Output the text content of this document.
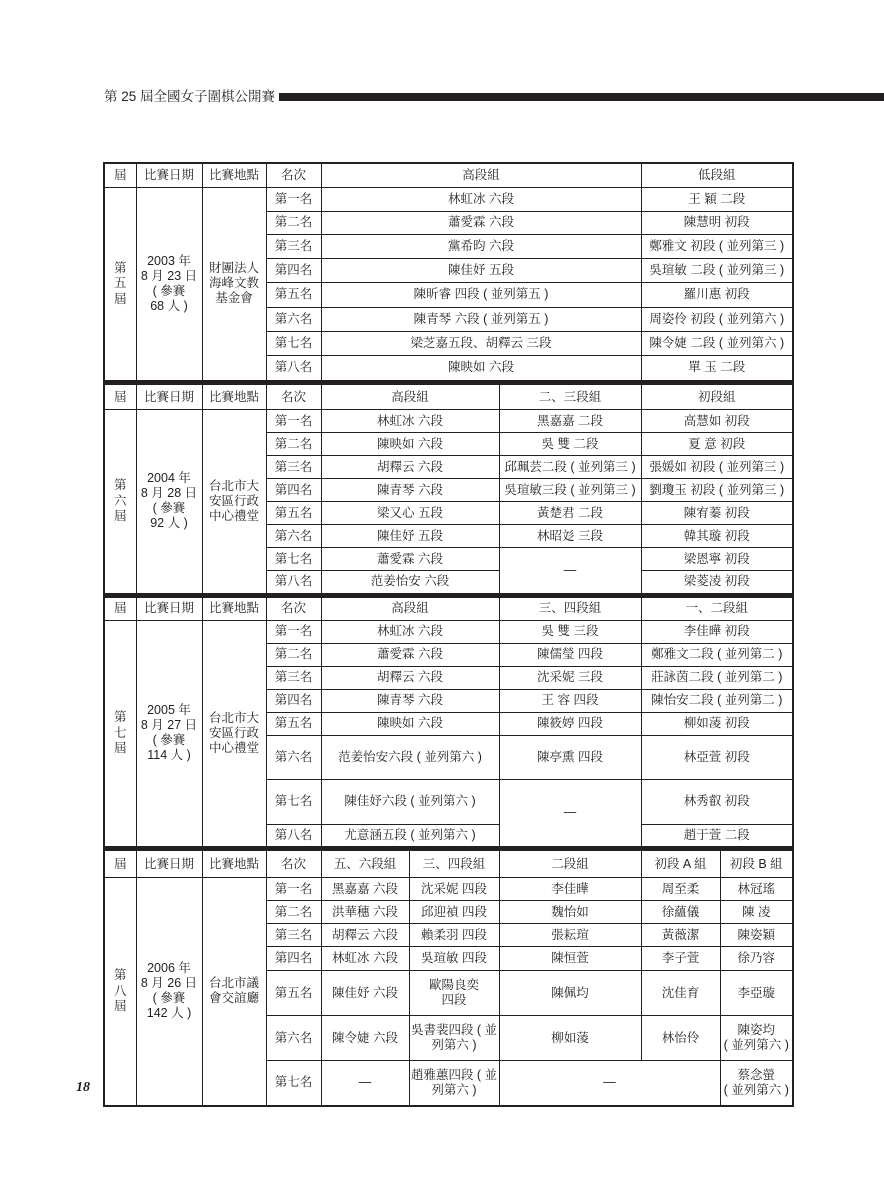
第 25 屆全國女子圍棋公開賽
屆	比賽日期	比賽地點	名次	高段組	低段組

第五屆	2003 年
8 月 23 日
( 參賽
68 人 )	財團法人
海峰文教
基金會	第一名	林虹冰 六段	王 穎 二段
			第二名	蕭愛霖 六段	陳慧明 初段
			第三名	黨希昀 六段	鄭雅文 初段 ( 並列第三 )
			第四名	陳佳妤 五段	吳瑄敏 二段 ( 並列第三 )
			第五名	陳昕睿 四段 ( 並列第五 )	羅川惠 初段
			第六名	陳青琴 六段 ( 並列第五 )	周姿伶 初段 ( 並列第六 )
			第七名	梁芝嘉五段、胡釋云 三段	陳令婕 二段 ( 並列第六 )
			第八名	陳映如 六段	單 玉 二段
屆	比賽日期	比賽地點	名次	高段組	二、三段組	初段組

第六屆	2004 年
8 月 28 日
( 參賽
92 人 )	台北市大
安區行政
中心禮堂	第一名	林虹冰 六段	黑嘉嘉 二段	高慧如 初段
			第二名	陳映如 六段	吳 雙 二段	夏 意 初段
			第三名	胡釋云 六段	邱珮芸二段 ( 並列第三 )	張媛如 初段 ( 並列第三 )
			第四名	陳青琴 六段	吳瑄敏三段 ( 並列第三 )	劉瓊玉 初段 ( 並列第三 )
			第五名	梁又心 五段	黃楚君 二段	陳宥蓁 初段
			第六名	陳佳妤 五段	林昭彣 三段	韓其璇 初段
			第七名	蕭愛霖 六段	—	梁恩寧 初段
			第八名	范姜怡安 六段		梁菱凌 初段
屆	比賽日期	比賽地點	名次	高段組	三、四段組	一、二段組

第七屆	2005 年
8 月 27 日
( 參賽
114 人 )	台北市大
安區行政
中心禮堂	第一名	林虹冰 六段	吳 雙 三段	李佳曄 初段
			第二名	蕭愛霖 六段	陳儒瑩 四段	鄭雅文二段 ( 並列第二 )
			第三名	胡釋云 六段	沈采妮 三段	莊詠茵二段 ( 並列第二 )
			第四名	陳青琴 六段	王 容 四段	陳怡安二段 ( 並列第二 )
			第五名	陳映如 六段	陳筱婷 四段	柳如蓤 初段
			第六名	范姜怡安六段 ( 並列第六 )	陳亭熏 四段	林亞萱 初段
			第七名	陳佳妤六段 ( 並列第六 )	—	林秀叡 初段
			第八名	尤意涵五段 ( 並列第六 )		趙于萱 二段
屆	比賽日期	比賽地點	名次	五、六段組	三、四段組	二段組	初段 A 組	初段 B 組

第八屆	2006 年
8 月 26 日
( 參賽
142 人 )	台北市議
會交誼廳	第一名	黑嘉嘉 六段	沈采妮 四段	李佳曄	周至柔	林冠瑤
			第二名	洪華穗 六段	邱迎禎 四段	魏怡如	徐蘊儀	陳 凌
			第三名	胡釋云 六段	賴柔羽 四段	張耘瑄	黃薇潔	陳姿穎
			第四名	林虹冰 六段	吳瑄敏 四段	陳恒萱	李子萱	徐乃容
			第五名	陳佳妤 六段	歐陽良奕
四段	陳佩均	沈佳育	李亞璇
			第六名	陳令婕 六段	吳書裴四段 ( 並
列第六 )	柳如蓤	林怡伶	陳姿均
( 並列第六 )
			第七名	—	趙雅蕙四段 ( 並
列第六 )	—		蔡念螢
( 並列第六 )
18
